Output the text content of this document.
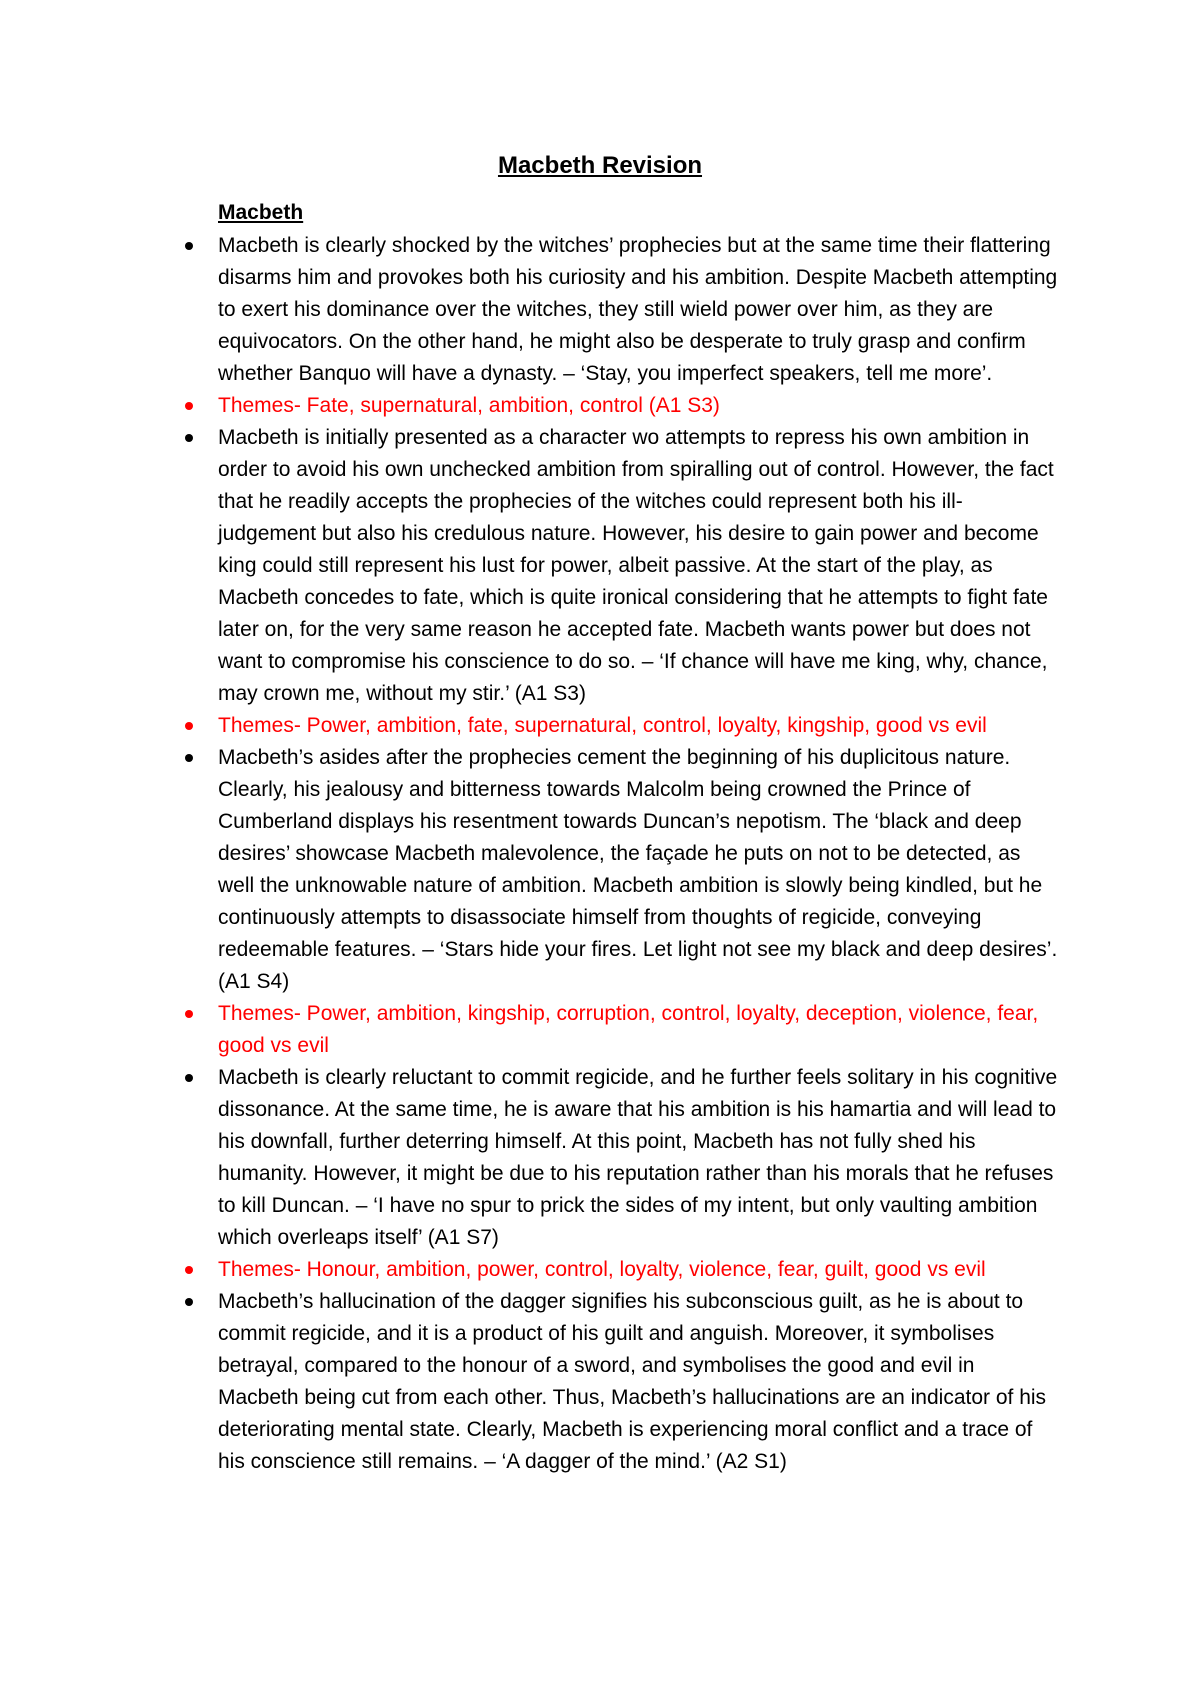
Macbeth Revision
Macbeth
Macbeth is clearly shocked by the witches’ prophecies but at the same time their flattering disarms him and provokes both his curiosity and his ambition. Despite Macbeth attempting to exert his dominance over the witches, they still wield power over him, as they are equivocators. On the other hand, he might also be desperate to truly grasp and confirm whether Banquo will have a dynasty. – ‘Stay, you imperfect speakers, tell me more’.
Themes- Fate, supernatural, ambition, control (A1 S3)
Macbeth is initially presented as a character wo attempts to repress his own ambition in order to avoid his own unchecked ambition from spiralling out of control. However, the fact that he readily accepts the prophecies of the witches could represent both his ill-judgement but also his credulous nature. However, his desire to gain power and become king could still represent his lust for power, albeit passive. At the start of the play, as Macbeth concedes to fate, which is quite ironical considering that he attempts to fight fate later on, for the very same reason he accepted fate. Macbeth wants power but does not want to compromise his conscience to do so. – ‘If chance will have me king, why, chance, may crown me, without my stir.’ (A1 S3)
Themes- Power, ambition, fate, supernatural, control, loyalty, kingship, good vs evil
Macbeth’s asides after the prophecies cement the beginning of his duplicitous nature. Clearly, his jealousy and bitterness towards Malcolm being crowned the Prince of Cumberland displays his resentment towards Duncan’s nepotism. The ‘black and deep desires’ showcase Macbeth malevolence, the façade he puts on not to be detected, as well the unknowable nature of ambition. Macbeth ambition is slowly being kindled, but he continuously attempts to disassociate himself from thoughts of regicide, conveying redeemable features. – ‘Stars hide your fires. Let light not see my black and deep desires’. (A1 S4)
Themes- Power, ambition, kingship, corruption, control, loyalty, deception, violence, fear, good vs evil
Macbeth is clearly reluctant to commit regicide, and he further feels solitary in his cognitive dissonance. At the same time, he is aware that his ambition is his hamartia and will lead to his downfall, further deterring himself. At this point, Macbeth has not fully shed his humanity. However, it might be due to his reputation rather than his morals that he refuses to kill Duncan. – ‘I have no spur to prick the sides of my intent, but only vaulting ambition which overleaps itself’ (A1 S7)
Themes- Honour, ambition, power, control, loyalty, violence, fear, guilt, good vs evil
Macbeth’s hallucination of the dagger signifies his subconscious guilt, as he is about to commit regicide, and it is a product of his guilt and anguish. Moreover, it symbolises betrayal, compared to the honour of a sword, and symbolises the good and evil in Macbeth being cut from each other. Thus, Macbeth’s hallucinations are an indicator of his deteriorating mental state. Clearly, Macbeth is experiencing moral conflict and a trace of his conscience still remains. – ‘A dagger of the mind.’ (A2 S1)
